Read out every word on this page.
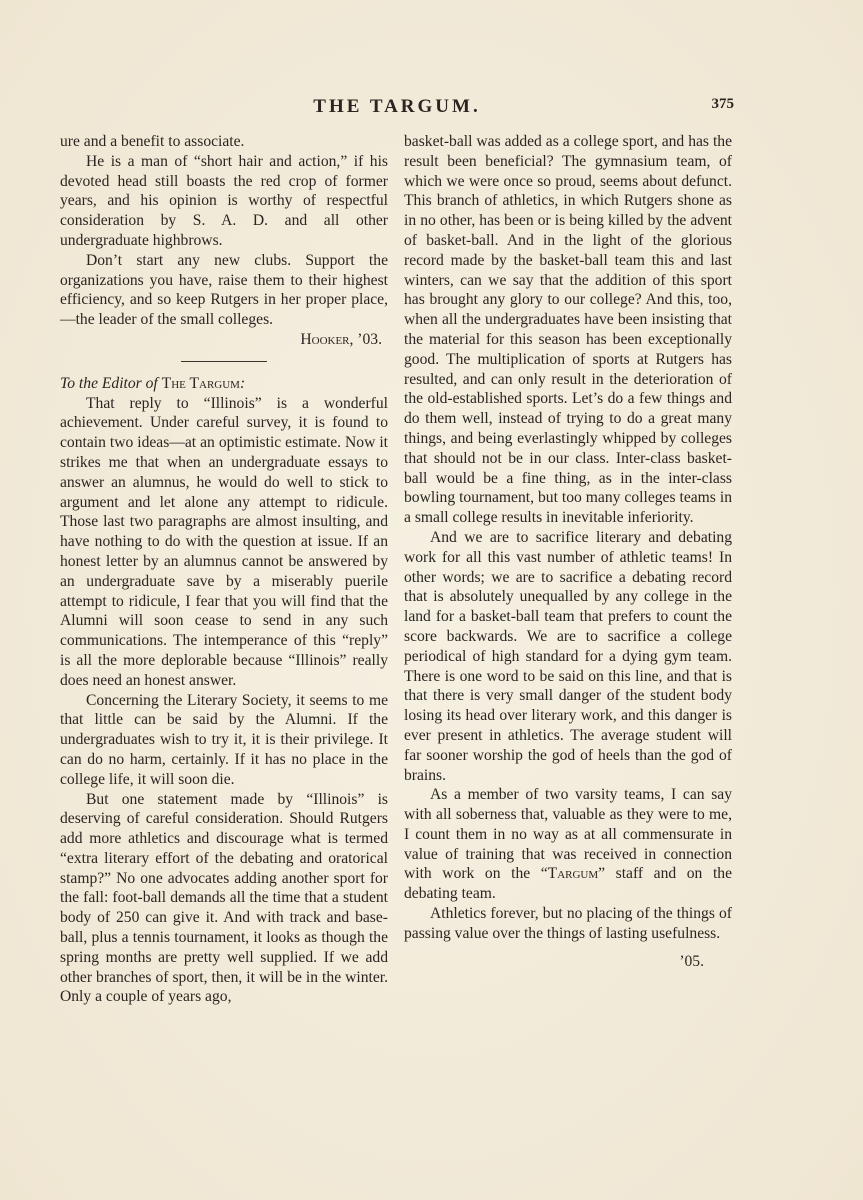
THE TARGUM.	375

ure and a benefit to associate.

He is a man of “short hair and action,” if his devoted head still boasts the red crop of former years, and his opinion is worthy of respectful consideration by S. A. D. and all other undergraduate highbrows.

Don’t start any new clubs. Support the organizations you have, raise them to their highest efficiency, and so keep Rutgers in her proper place,—the leader of the small colleges.

Hooker, ’03.

To the Editor of The Targum:

That reply to “Illinois” is a wonderful achievement. Under careful survey, it is found to contain two ideas—at an optimistic estimate. Now it strikes me that when an undergraduate essays to answer an alumnus, he would do well to stick to argument and let alone any attempt to ridicule. Those last two paragraphs are almost insulting, and have nothing to do with the question at issue. If an honest letter by an alumnus cannot be answered by an undergraduate save by a miserably puerile attempt to ridicule, I fear that you will find that the Alumni will soon cease to send in any such communications. The intemperance of this “reply” is all the more deplorable because “Illinois” really does need an honest answer.

Concerning the Literary Society, it seems to me that little can be said by the Alumni. If the undergraduates wish to try it, it is their privilege. It can do no harm, certainly. If it has no place in the college life, it will soon die.

But one statement made by “Illinois” is deserving of careful consideration. Should Rutgers add more athletics and discourage what is termed “extra literary effort of the debating and oratorical stamp?” No one advocates adding another sport for the fall: foot-ball demands all the time that a student body of 250 can give it. And with track and base-ball, plus a tennis tournament, it looks as though the spring months are pretty well supplied. If we add other branches of sport, then, it will be in the winter. Only a couple of years ago,

basket-ball was added as a college sport, and has the result been beneficial? The gymnasium team, of which we were once so proud, seems about defunct. This branch of athletics, in which Rutgers shone as in no other, has been or is being killed by the advent of basket-ball. And in the light of the glorious record made by the basket-ball team this and last winters, can we say that the addition of this sport has brought any glory to our college? And this, too, when all the undergraduates have been insisting that the material for this season has been exceptionally good. The multiplication of sports at Rutgers has resulted, and can only result in the deterioration of the old-established sports. Let’s do a few things and do them well, instead of trying to do a great many things, and being everlastingly whipped by colleges that should not be in our class. Inter-class basket-ball would be a fine thing, as in the inter-class bowling tournament, but too many colleges teams in a small college results in inevitable inferiority.

And we are to sacrifice literary and debating work for all this vast number of athletic teams! In other words; we are to sacrifice a debating record that is absolutely unequalled by any college in the land for a basket-ball team that prefers to count the score backwards. We are to sacrifice a college periodical of high standard for a dying gym team. There is one word to be said on this line, and that is that there is very small danger of the student body losing its head over literary work, and this danger is ever present in athletics. The average student will far sooner worship the god of heels than the god of brains.

As a member of two varsity teams, I can say with all soberness that, valuable as they were to me, I count them in no way as at all commensurate in value of training that was received in connection with work on the “Targum” staff and on the debating team.

Athletics forever, but no placing of the things of passing value over the things of lasting usefulness.

’05.
